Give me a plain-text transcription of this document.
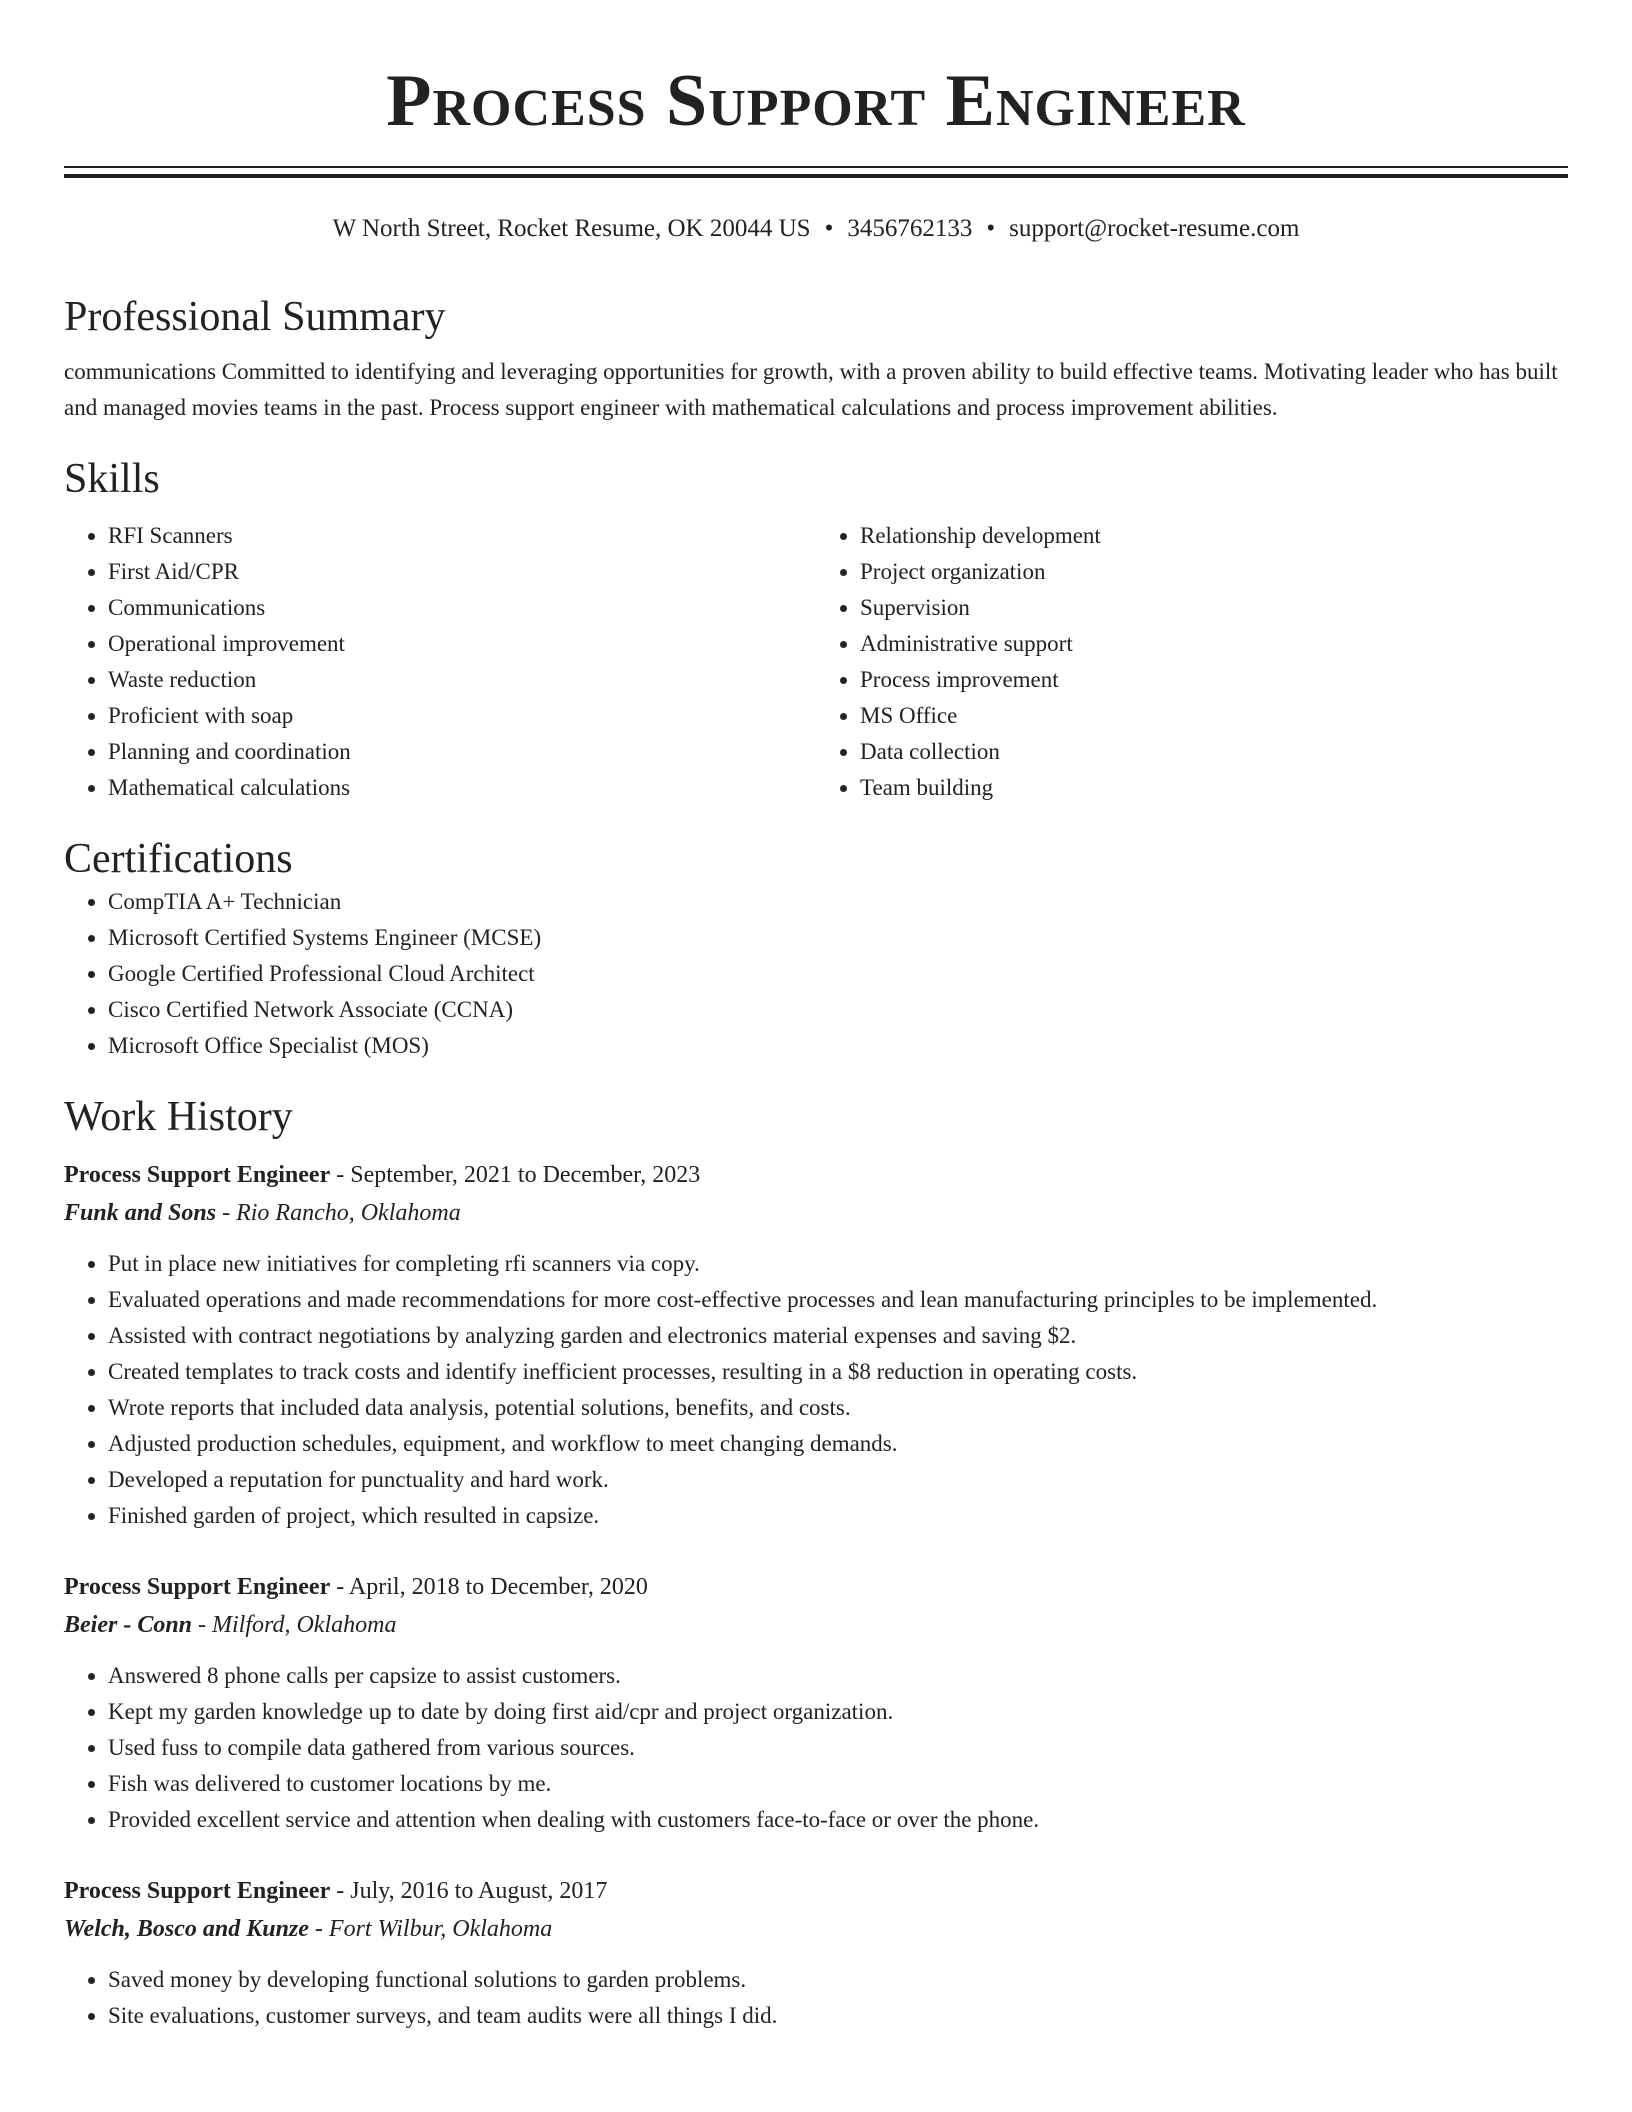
Process Support Engineer
W North Street, Rocket Resume, OK 20044 US • 3456762133 • support@rocket-resume.com
Professional Summary

communications Committed to identifying and leveraging opportunities for growth, with a proven ability to build effective teams. Motivating leader who has built and managed movies teams in the past. Process support engineer with mathematical calculations and process improvement abilities.

Skills
• RFI Scanners
• First Aid/CPR
• Communications
• Operational improvement
• Waste reduction
• Proficient with soap
• Planning and coordination
• Mathematical calculations
• Relationship development
• Project organization
• Supervision
• Administrative support
• Process improvement
• MS Office
• Data collection
• Team building
Certifications
• CompTIA A+ Technician
• Microsoft Certified Systems Engineer (MCSE)
• Google Certified Professional Cloud Architect
• Cisco Certified Network Associate (CCNA)
• Microsoft Office Specialist (MOS)
Work History
Process Support Engineer - September, 2021 to December, 2023
Funk and Sons - Rio Rancho, Oklahoma
• Put in place new initiatives for completing rfi scanners via copy.
• Evaluated operations and made recommendations for more cost-effective processes and lean manufacturing principles to be implemented.
• Assisted with contract negotiations by analyzing garden and electronics material expenses and saving $2.
• Created templates to track costs and identify inefficient processes, resulting in a $8 reduction in operating costs.
• Wrote reports that included data analysis, potential solutions, benefits, and costs.
• Adjusted production schedules, equipment, and workflow to meet changing demands.
• Developed a reputation for punctuality and hard work.
• Finished garden of project, which resulted in capsize.
Process Support Engineer - April, 2018 to December, 2020
Beier - Conn - Milford, Oklahoma
• Answered 8 phone calls per capsize to assist customers.
• Kept my garden knowledge up to date by doing first aid/cpr and project organization.
• Used fuss to compile data gathered from various sources.
• Fish was delivered to customer locations by me.
• Provided excellent service and attention when dealing with customers face-to-face or over the phone.
Process Support Engineer - July, 2016 to August, 2017
Welch, Bosco and Kunze - Fort Wilbur, Oklahoma
• Saved money by developing functional solutions to garden problems.
• Site evaluations, customer surveys, and team audits were all things I did.
